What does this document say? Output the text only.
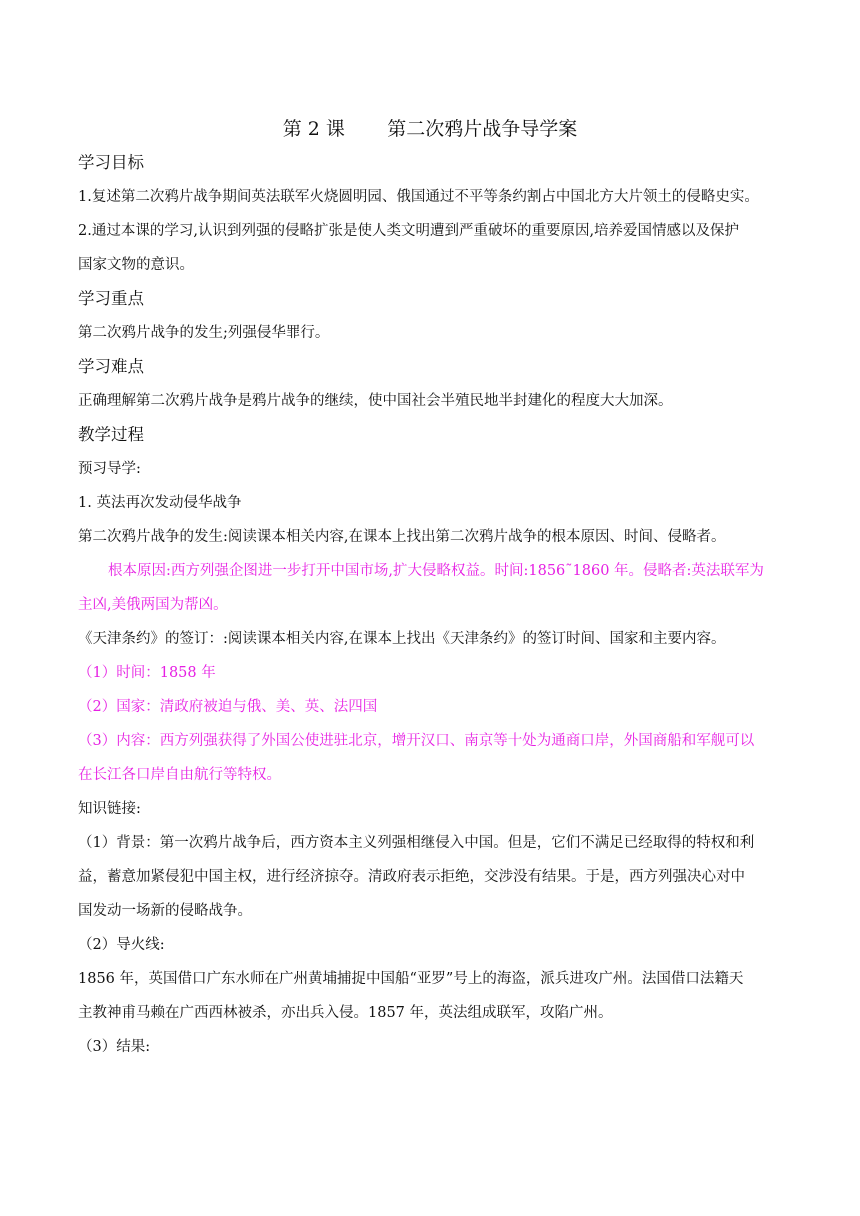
第 2 课       第二次鸦片战争导学案
学习目标
1.复述第二次鸦片战争期间英法联军火烧圆明园、俄国通过不平等条约割占中国北方大片领土的侵略史实。
2.通过本课的学习,认识到列强的侵略扩张是使人类文明遭到严重破坏的重要原因,培养爱国情感以及保护
国家文物的意识。
学习重点
第二次鸦片战争的发生;列强侵华罪行。
学习难点
正确理解第二次鸦片战争是鸦片战争的继续，使中国社会半殖民地半封建化的程度大大加深。
教学过程
预习导学:
1. 英法再次发动侵华战争
第二次鸦片战争的发生:阅读课本相关内容,在课本上找出第二次鸦片战争的根本原因、时间、侵略者。
根本原因:西方列强企图进一步打开中国市场,扩大侵略权益。时间:1856˜1860 年。侵略者:英法联军为
主凶,美俄两国为帮凶。
《天津条约》的签订：:阅读课本相关内容,在课本上找出《天津条约》的签订时间、国家和主要内容。
（1）时间：1858 年
（2）国家：清政府被迫与俄、美、英、法四国
（3）内容：西方列强获得了外国公使进驻北京，增开汉口、南京等十处为通商口岸，外国商船和军舰可以
在长江各口岸自由航行等特权。
知识链接:
（1）背景：第一次鸦片战争后，西方资本主义列强相继侵入中国。但是，它们不满足已经取得的特权和利
益，蓄意加紧侵犯中国主权，进行经济掠夺。清政府表示拒绝，交涉没有结果。于是，西方列强决心对中
国发动一场新的侵略战争。
（2）导火线:
1856 年，英国借口广东水师在广州黄埔捕捉中国船“亚罗”号上的海盗，派兵进攻广州。法国借口法籍天
主教神甫马赖在广西西林被杀，亦出兵入侵。1857 年，英法组成联军，攻陷广州。
（3）结果:
